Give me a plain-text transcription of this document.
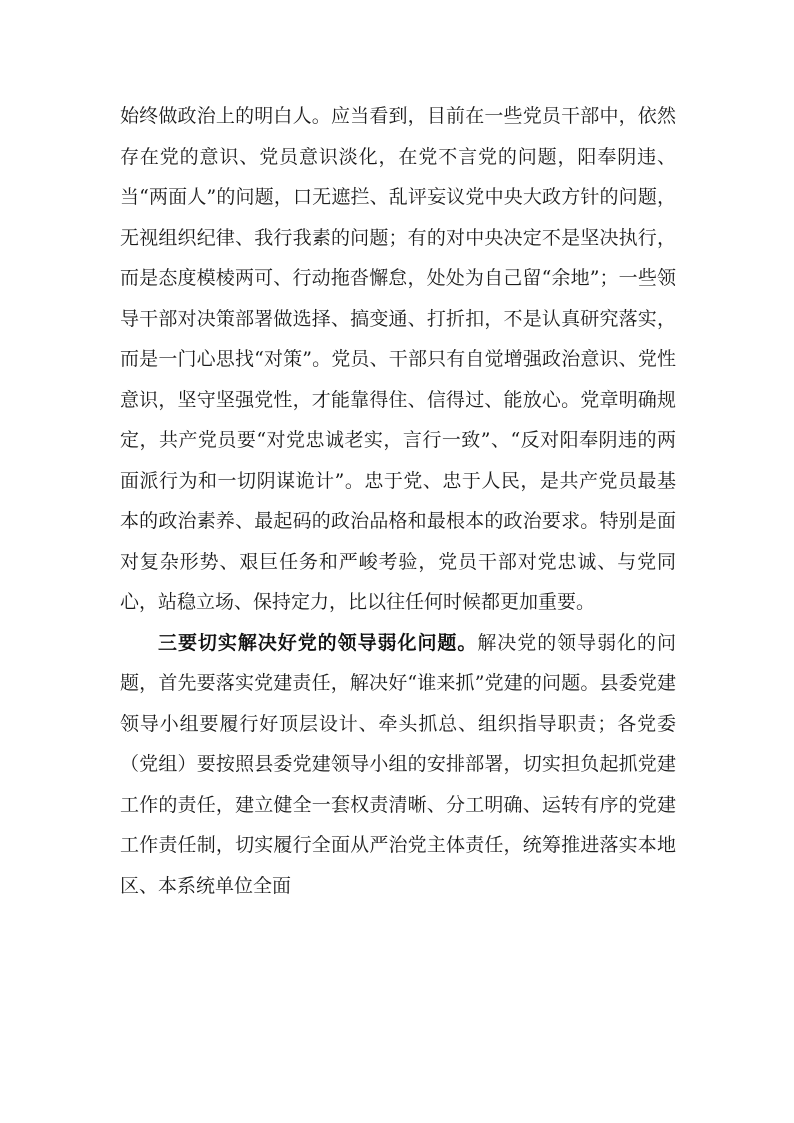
始终做政治上的明白人。应当看到，目前在一些党员干部中，依然存在党的意识、党员意识淡化，在党不言党的问题，阳奉阴违、当“两面人”的问题，口无遮拦、乱评妄议党中央大政方针的问题，无视组织纪律、我行我素的问题；有的对中央决定不是坚决执行，而是态度模棱两可、行动拖沓懈怠，处处为自己留“余地”；一些领导干部对决策部署做选择、搞变通、打折扣，不是认真研究落实，而是一门心思找“对策”。党员、干部只有自觉增强政治意识、党性意识，坚守坚强党性，才能靠得住、信得过、能放心。党章明确规定，共产党员要“对党忠诚老实，言行一致”、“反对阳奉阴违的两面派行为和一切阴谋诡计”。忠于党、忠于人民，是共产党员最基本的政治素养、最起码的政治品格和最根本的政治要求。特别是面对复杂形势、艰巨任务和严峻考验，党员干部对党忠诚、与党同心，站稳立场、保持定力，比以往任何时候都更加重要。

三要切实解决好党的领导弱化问题。解决党的领导弱化的问题，首先要落实党建责任，解决好“谁来抓”党建的问题。县委党建领导小组要履行好顶层设计、牵头抓总、组织指导职责；各党委（党组）要按照县委党建领导小组的安排部署，切实担负起抓党建工作的责任，建立健全一套权责清晰、分工明确、运转有序的党建工作责任制，切实履行全面从严治党主体责任，统筹推进落实本地区、本系统单位全面
